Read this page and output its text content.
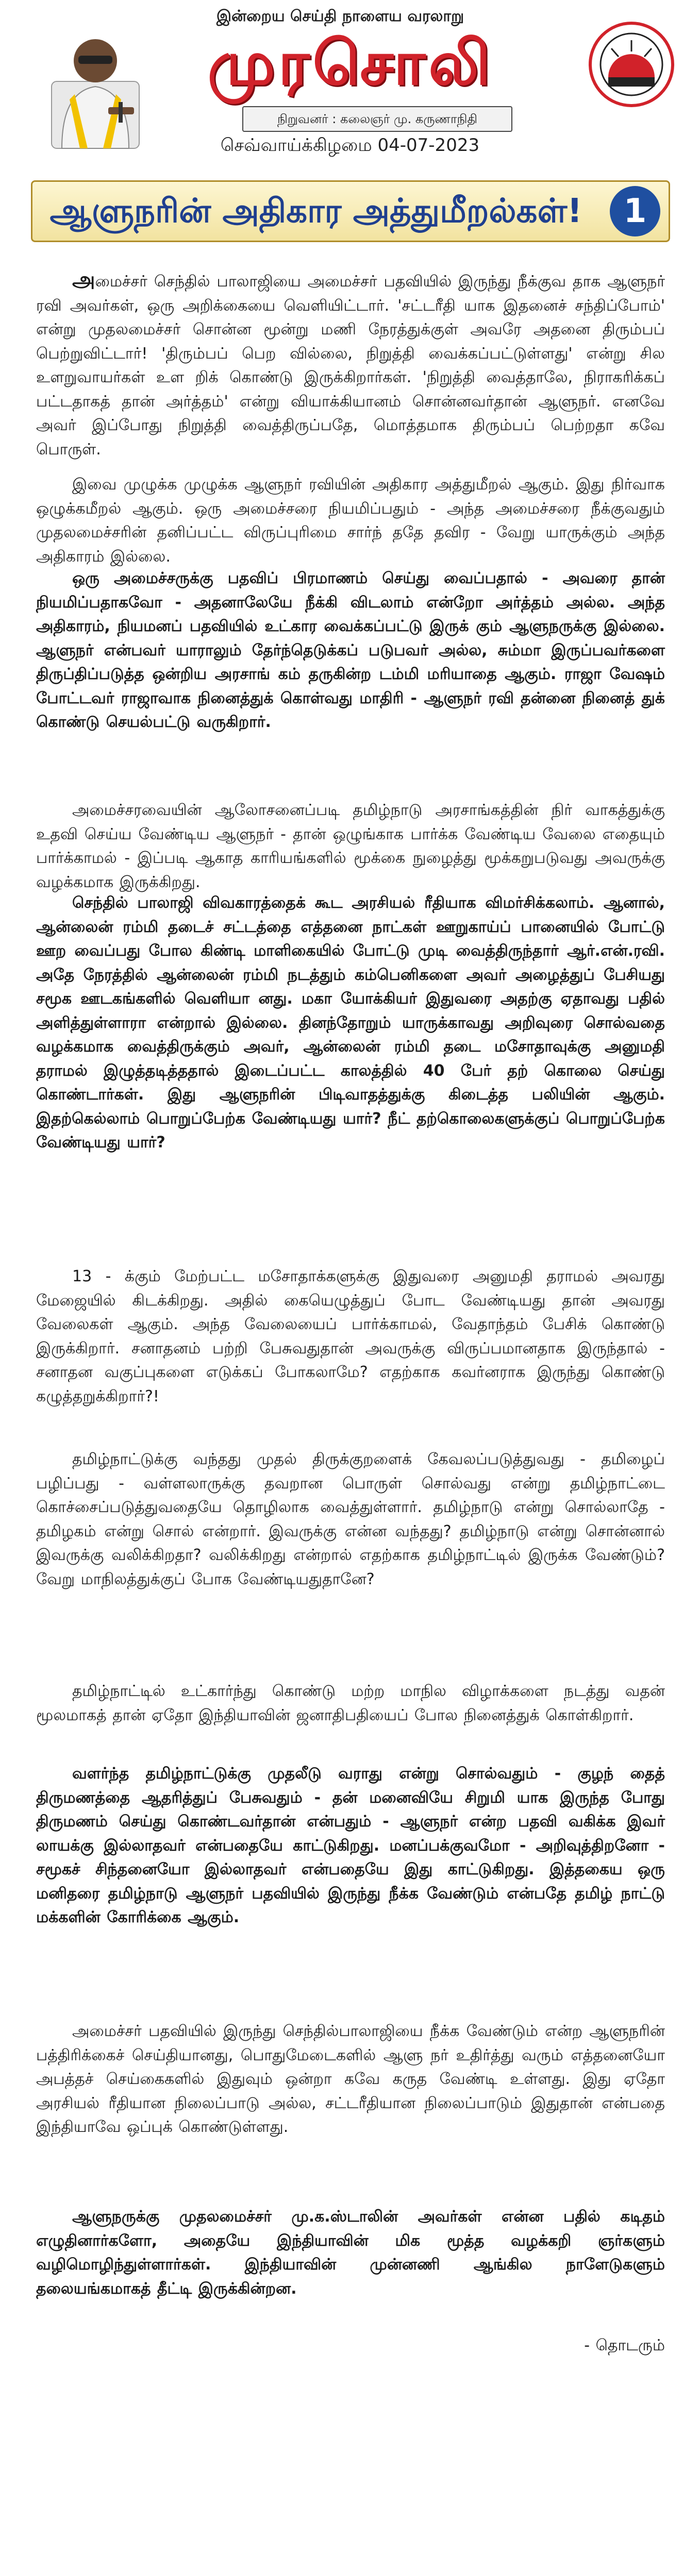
இன்றைய செய்தி நாளைய வரலாறு
முரசொலி
நிறுவனர் : கலைஞர் மு. கருணாநிதி
செவ்வாய்க்கிழமை 04-07-2023
ஆளுநரின் அதிகார அத்துமீறல்கள்!	1

அமைச்சர் செந்தில் பாலாஜியை அமைச்சர் பதவியில் இருந்து நீக்குவ தாக ஆளுநர் ரவி அவர்கள், ஒரு அறிக்கையை வெளியிட்டார். 'சட்டரீதி யாக இதனைச் சந்திப்போம்' என்று முதலமைச்சர் சொன்ன மூன்று மணி நேரத்துக்குள் அவரே அதனை திரும்பப் பெற்றுவிட்டார்! 'திரும்பப் பெற வில்லை, நிறுத்தி வைக்கப்பட்டுள்ளது' என்று சில உளறுவாயர்கள் உள றிக் கொண்டு இருக்கிறார்கள். 'நிறுத்தி வைத்தாலே, நிராகரிக்கப் பட்டதாகத் தான் அர்த்தம்' என்று வியாக்கியானம் சொன்னவர்தான் ஆளுநர். எனவே அவர் இப்போது நிறுத்தி வைத்திருப்பதே, மொத்தமாக திரும்பப் பெற்றதா கவே பொருள்.

இவை முழுக்க முழுக்க ஆளுநர் ரவியின் அதிகார அத்துமீறல் ஆகும். இது நிர்வாக ஒழுக்கமீறல் ஆகும். ஒரு அமைச்சரை நியமிப்பதும் - அந்த அமைச்சரை நீக்குவதும் முதலமைச்சரின் தனிப்பட்ட விருப்புரிமை சார்ந் ததே தவிர - வேறு யாருக்கும் அந்த அதிகாரம் இல்லை.

ஒரு அமைச்சருக்கு பதவிப் பிரமாணம் செய்து வைப்பதால் - அவரை தான் நியமிப்பதாகவோ - அதனாலேயே நீக்கி விடலாம் என்றோ அர்த்தம் அல்ல. அந்த அதிகாரம், நியமனப் பதவியில் உட்கார வைக்கப்பட்டு இருக் கும் ஆளுநருக்கு இல்லை. ஆளுநர் என்பவர் யாராலும் தேர்ந்தெடுக்கப் படுபவர் அல்ல, சும்மா இருப்பவர்களை திருப்திப்படுத்த ஒன்றிய அரசாங் கம் தருகின்ற டம்மி மரியாதை ஆகும். ராஜா வேஷம் போட்டவர் ராஜாவாக நினைத்துக் கொள்வது மாதிரி - ஆளுநர் ரவி தன்னை நினைத் துக் கொண்டு செயல்பட்டு வருகிறார்.

அமைச்சரவையின் ஆலோசனைப்படி தமிழ்நாடு அரசாங்கத்தின் நிர் வாகத்துக்கு உதவி செய்ய வேண்டிய ஆளுநர் - தான் ஒழுங்காக பார்க்க வேண்டிய வேலை எதையும் பார்க்காமல் - இப்படி ஆகாத காரியங்களில் மூக்கை நுழைத்து மூக்கறுபடுவது அவருக்கு வழக்கமாக இருக்கிறது.

செந்தில் பாலாஜி விவகாரத்தைக் கூட அரசியல் ரீதியாக விமர்சிக்கலாம். ஆனால், ஆன்லைன் ரம்மி தடைச் சட்டத்தை எத்தனை நாட்கள் ஊறுகாய்ப் பானையில் போட்டு ஊற வைப்பது போல கிண்டி மாளிகையில் போட்டு முடி வைத்திருந்தார் ஆர்.என்.ரவி. அதே நேரத்தில் ஆன்லைன் ரம்மி நடத்தும் கம்பெனிகளை அவர் அழைத்துப் பேசியது சமூக ஊடகங்களில் வெளியா னது. மகா யோக்கியர் இதுவரை அதற்கு ஏதாவது பதில் அளித்துள்ளாரா என்றால் இல்லை. தினந்தோறும் யாருக்காவது அறிவுரை சொல்வதை வழக்கமாக வைத்திருக்கும் அவர், ஆன்லைன் ரம்மி தடை மசோதாவுக்கு அனுமதி தராமல் இழுத்தடித்ததால் இடைப்பட்ட காலத்தில் 40 பேர் தற் கொலை செய்து கொண்டார்கள். இது ஆளுநரின் பிடிவாதத்துக்கு கிடைத்த பலியின் ஆகும். இதற்கெல்லாம் பொறுப்பேற்க வேண்டியது யார்? நீட் தற்கொலைகளுக்குப் பொறுப்பேற்க வேண்டியது யார்?

13 - க்கும் மேற்பட்ட மசோதாக்களுக்கு இதுவரை அனுமதி தராமல் அவரது மேஜையில் கிடக்கிறது. அதில் கையெழுத்துப் போட வேண்டியது தான் அவரது வேலைகள் ஆகும். அந்த வேலையைப் பார்க்காமல், வேதாந்தம் பேசிக் கொண்டு இருக்கிறார். சனாதனம் பற்றி பேசுவதுதான் அவருக்கு விருப்பமானதாக இருந்தால் - சனாதன வகுப்புகளை எடுக்கப் போகலாமே? எதற்காக கவர்னராக இருந்து கொண்டு கழுத்தறுக்கிறார்?!

தமிழ்நாட்டுக்கு வந்தது முதல் திருக்குறளைக் கேவலப்படுத்துவது - தமிழைப் பழிப்பது - வள்ளலாருக்கு தவறான பொருள் சொல்வது என்று தமிழ்நாட்டை கொச்சைப்படுத்துவதையே தொழிலாக வைத்துள்ளார். தமிழ்நாடு என்று சொல்லாதே - தமிழகம் என்று சொல் என்றார். இவருக்கு என்ன வந்தது? தமிழ்நாடு என்று சொன்னால் இவருக்கு வலிக்கிறதா? வலிக்கிறது என்றால் எதற்காக தமிழ்நாட்டில் இருக்க வேண்டும்? வேறு மாநிலத்துக்குப் போக வேண்டியதுதானே?

தமிழ்நாட்டில் உட்கார்ந்து கொண்டு மற்ற மாநில விழாக்களை நடத்து வதன் மூலமாகத் தான் ஏதோ இந்தியாவின் ஜனாதிபதியைப் போல நினைத்துக் கொள்கிறார்.

வளர்ந்த தமிழ்நாட்டுக்கு முதலீடு வராது என்று சொல்வதும் - குழந் தைத் திருமணத்தை ஆதரித்துப் பேசுவதும் - தன் மனைவியே சிறுமி யாக இருந்த போது திருமணம் செய்து கொண்டவர்தான் என்பதும் - ஆளுநர் என்ற பதவி வகிக்க இவர் லாயக்கு இல்லாதவர் என்பதையே காட்டுகிறது. மனப்பக்குவமோ - அறிவுத்திறனோ - சமூகச் சிந்தனையோ இல்லாதவர் என்பதையே இது காட்டுகிறது. இத்தகைய ஒரு மனிதரை தமிழ்நாடு ஆளுநர் பதவியில் இருந்து நீக்க வேண்டும் என்பதே தமிழ் நாட்டு மக்களின் கோரிக்கை ஆகும்.

அமைச்சர் பதவியில் இருந்து செந்தில்பாலாஜியை நீக்க வேண்டும் என்ற ஆளுநரின் பத்திரிக்கைச் செய்தியானது, பொதுமேடைகளில் ஆளு நர் உதிர்த்து வரும் எத்தனையோ அபத்தச் செய்கைகளில் இதுவும் ஒன்றா கவே கருத வேண்டி உள்ளது. இது ஏதோ அரசியல் ரீதியான நிலைப்பாடு அல்ல, சட்டரீதியான நிலைப்பாடும் இதுதான் என்பதை இந்தியாவே ஒப்புக் கொண்டுள்ளது.

ஆளுநருக்கு முதலமைச்சர் மு.க.ஸ்டாலின் அவர்கள் என்ன பதில் கடிதம் எழுதினார்களோ, அதையே இந்தியாவின் மிக மூத்த வழக்கறி ஞர்களும் வழிமொழிந்துள்ளார்கள். இந்தியாவின் முன்னணி ஆங்கில நாளேடுகளும் தலையங்கமாகத் தீட்டி இருக்கின்றன.

- தொடரும்
